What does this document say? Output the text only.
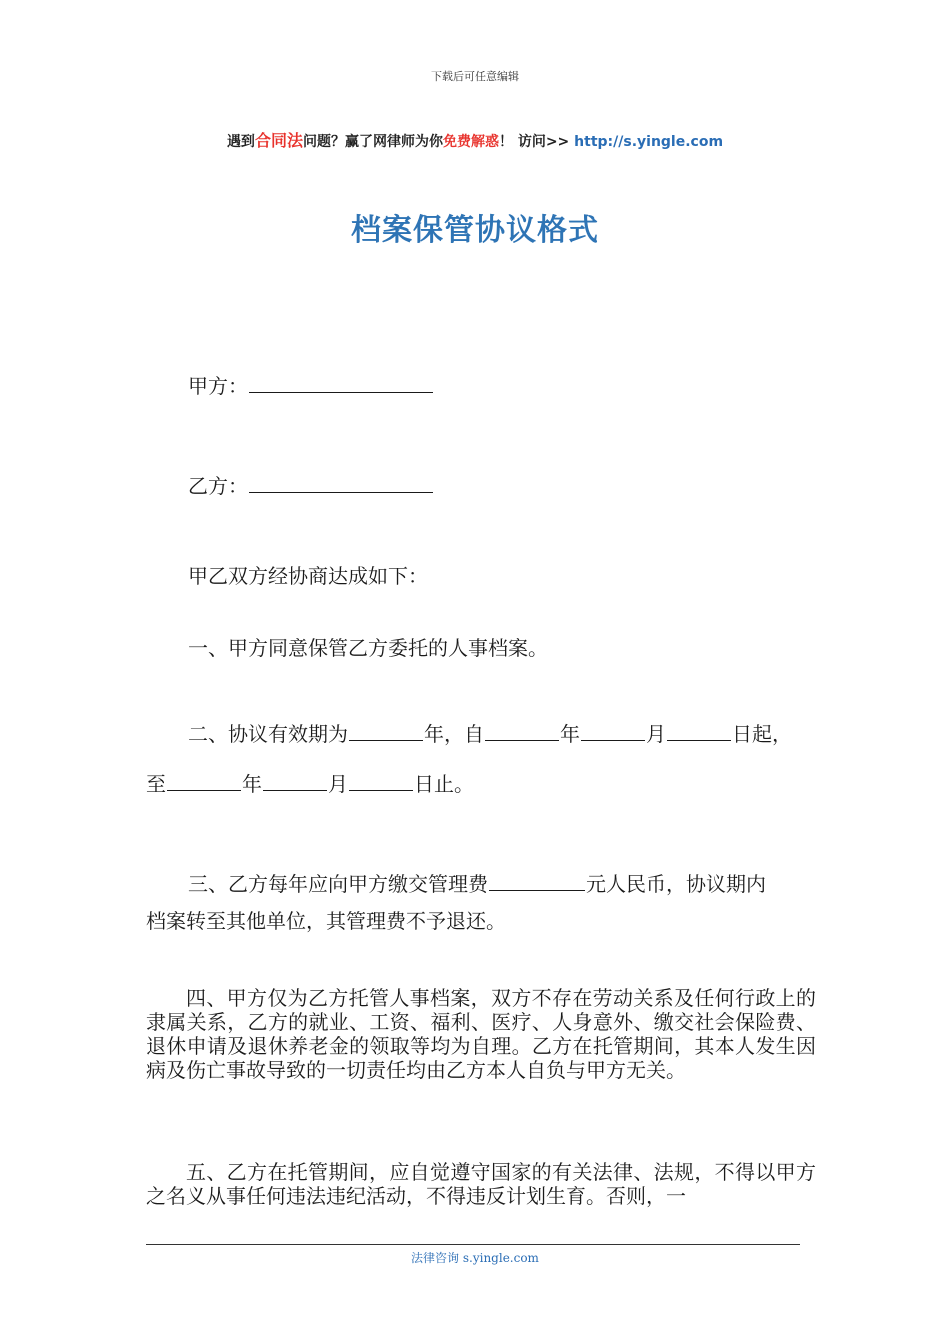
下载后可任意编辑
遇到合同法问题？赢了网律师为你免费解惑！ 访问>> http://s.yingle.com
档案保管协议格式
甲方：
乙方：
甲乙双方经协商达成如下：
一、甲方同意保管乙方委托的人事档案。
二、协议有效期为	年，自	年	月	日起，
至	年	月	日止。
三、乙方每年应向甲方缴交管理费	元人民币，协议期内
档案转至其他单位，其管理费不予退还。
四、甲方仅为乙方托管人事档案，双方不存在劳动关系及任何行政上的隶属关系，乙方的就业、工资、福利、医疗、人身意外、缴交社会保险费、退休申请及退休养老金的领取等均为自理。乙方在托管期间，其本人发生因病及伤亡事故导致的一切责任均由乙方本人自负与甲方无关。
五、乙方在托管期间，应自觉遵守国家的有关法律、法规，不得以甲方之名义从事任何违法违纪活动，不得违反计划生育。否则，一
法律咨询 s.yingle.com
